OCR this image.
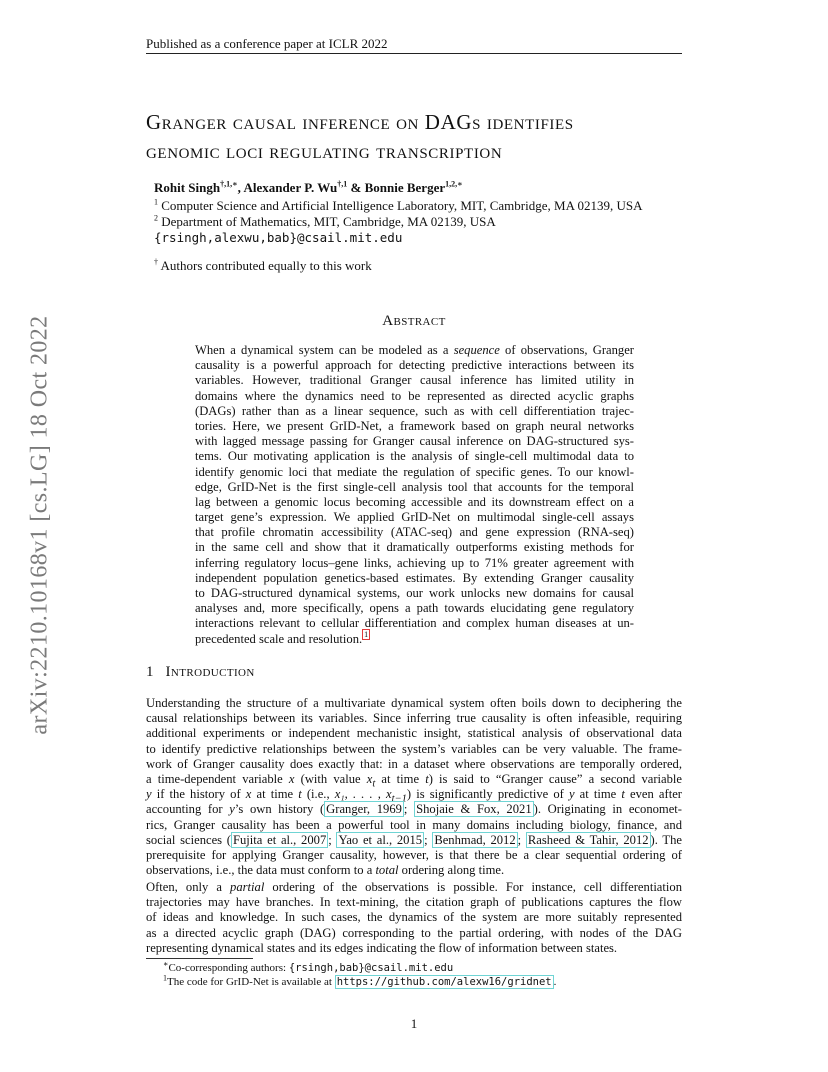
Published as a conference paper at ICLR 2022
arXiv:2210.10168v1 [cs.LG] 18 Oct 2022
Granger causal inference on DAGs identifies
genomic loci regulating transcription
Rohit Singh$^{\dagger,1,∗}$, Alexander P. $Wu^{\dagger,1}$ & Bonnie Berger$^{1,2,∗}$
$^1$ Computer Science and Artificial Intelligence Laboratory, MIT, Cambridge, MA 02139, USA
$^2$ Department of Mathematics, MIT, Cambridge, MA 02139, USA
{rsingh,alexwu,bab}@csail.mit.edu
† Authors contributed equally to this work
Abstract
When a dynamical system can be modeled as a sequence of observations, Granger
causality is a powerful approach for detecting predictive interactions between its
variables. However, traditional Granger causal inference has limited utility in
domains where the dynamics need to be represented as directed acyclic graphs
(DAGs) rather than as a linear sequence, such as with cell differentiation trajec-
tories. Here, we present GrID-Net, a framework based on graph neural networks
with lagged message passing for Granger causal inference on DAG-structured sys-
tems. Our motivating application is the analysis of single-cell multimodal data to
identify genomic loci that mediate the regulation of specific genes. To our knowl-
edge, GrID-Net is the first single-cell analysis tool that accounts for the temporal
lag between a genomic locus becoming accessible and its downstream effect on a
target gene’s expression. We applied GrID-Net on multimodal single-cell assays
that profile chromatin accessibility (ATAC-seq) and gene expression (RNA-seq)
in the same cell and show that it dramatically outperforms existing methods for
inferring regulatory locus–gene links, achieving up to 71% greater agreement with
independent population genetics-based estimates. By extending Granger causality
to DAG-structured dynamical systems, our work unlocks new domains for causal
analyses and, more specifically, opens a path towards elucidating gene regulatory
interactions relevant to cellular differentiation and complex human diseases at un-
precedented scale and resolution. $^1$
1 Introduction
Understanding the structure of a multivariate dynamical system often boils down to deciphering the
causal relationships between its variables. Since inferring true causality is often infeasible, requiring
additional experiments or independent mechanistic insight, statistical analysis of observational data
to identify predictive relationships between the system’s variables can be very valuable. The frame-
work of Granger causality does exactly that: in a dataset where observations are temporally ordered,
a time-dependent variable x (with value $x_t$ at time t) is said to “Granger cause” a second variable
y if the history of x at time t (i.e., x₁, . . . , $x_{t-1}$) is significantly predictive of y at time t even after
accounting for y’s own history ( Granger, 1969 ; Shojaie & Fox, 2021 ). Originating in economet-
rics, Granger causality has been a powerful tool in many domains including biology, finance, and
social sciences ( Fujita et al., 2007 ; Yao et al., 2015 ; Benhmad, 2012 ; Rasheed & Tahir, 2012 ). The
prerequisite for applying Granger causality, however, is that there be a clear sequential ordering of
observations, i.e., the data must conform to a total ordering along time.
Often, only a partial ordering of the observations is possible. For instance, cell differentiation
trajectories may have branches. In text-mining, the citation graph of publications captures the flow
of ideas and knowledge. In such cases, the dynamics of the system are more suitably represented
as a directed acyclic graph (DAG) corresponding to the partial ordering, with nodes of the DAG
representing dynamical states and its edges indicating the flow of information between states.
∗Co-corresponding authors: {rsingh,bab}@csail.mit.edu
$^1$The code for GrID-Net is available at https://github.com/alexw16/gridnet .
1
